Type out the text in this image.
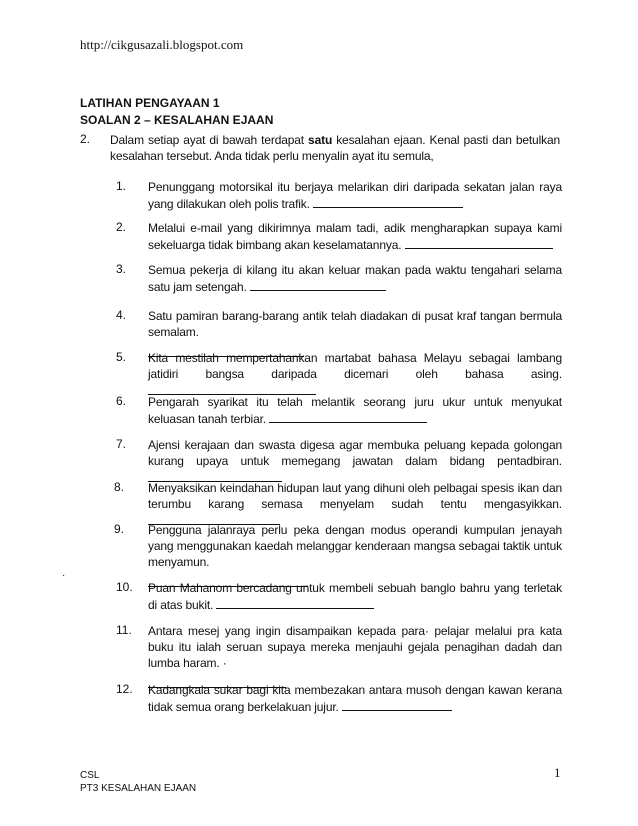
http://cikgusazali.blogspot.com
LATIHAN PENGAYAAN 1
SOALAN 2 – KESALAHAN EJAAN
2. Dalam setiap ayat di bawah terdapat satu kesalahan ejaan. Kenal pasti dan betulkan kesalahan tersebut. Anda tidak perlu menyalin ayat itu semula,
1. Penunggang motorsikal itu berjaya melarikan diri daripada sekatan jalan raya yang dilakukan oleh polis trafik.
2. Melalui e-mail yang dikirimnya malam tadi, adik mengharapkan supaya kami sekeluarga tidak bimbang akan keselamatannya.
3. Semua pekerja di kilang itu akan keluar makan pada waktu tengahari selama satu jam setengah.
4. Satu pamiran barang-barang antik telah diadakan di pusat kraf tangan bermula semalam.
5. Kita mestilah mempertahankan martabat bahasa Melayu sebagai lambang jatidiri bangsa daripada dicemari oleh bahasa asing.
6. Pengarah syarikat itu telah melantik seorang juru ukur untuk menyukat keluasan tanah terbiar.
7. Ajensi kerajaan dan swasta digesa agar membuka peluang kepada golongan kurang upaya untuk memegang jawatan dalam bidang pentadbiran.
8. Menyaksikan keindahan hidupan laut yang dihuni oleh pelbagai spesis ikan dan terumbu karang semasa menyelam sudah tentu mengasyikkan.
9. Pengguna jalanraya perlu peka dengan modus operandi kumpulan jenayah yang menggunakan kaedah melanggar kenderaan mangsa sebagai taktik untuk menyamun.
·
10. Puan Mahanom bercadang untuk membeli sebuah banglo bahru yang terletak di atas bukit.
11. Antara mesej yang ingin disampaikan kepada para· pelajar melalui pra kata buku itu ialah seruan supaya mereka menjauhi gejala penagihan dadah dan lumba haram. ·
12. Kadangkala sukar bagi kita membezakan antara musoh dengan kawan kerana tidak semua orang berkelakuan jujur.
CSL
PT3 KESALAHAN EJAAN
1
